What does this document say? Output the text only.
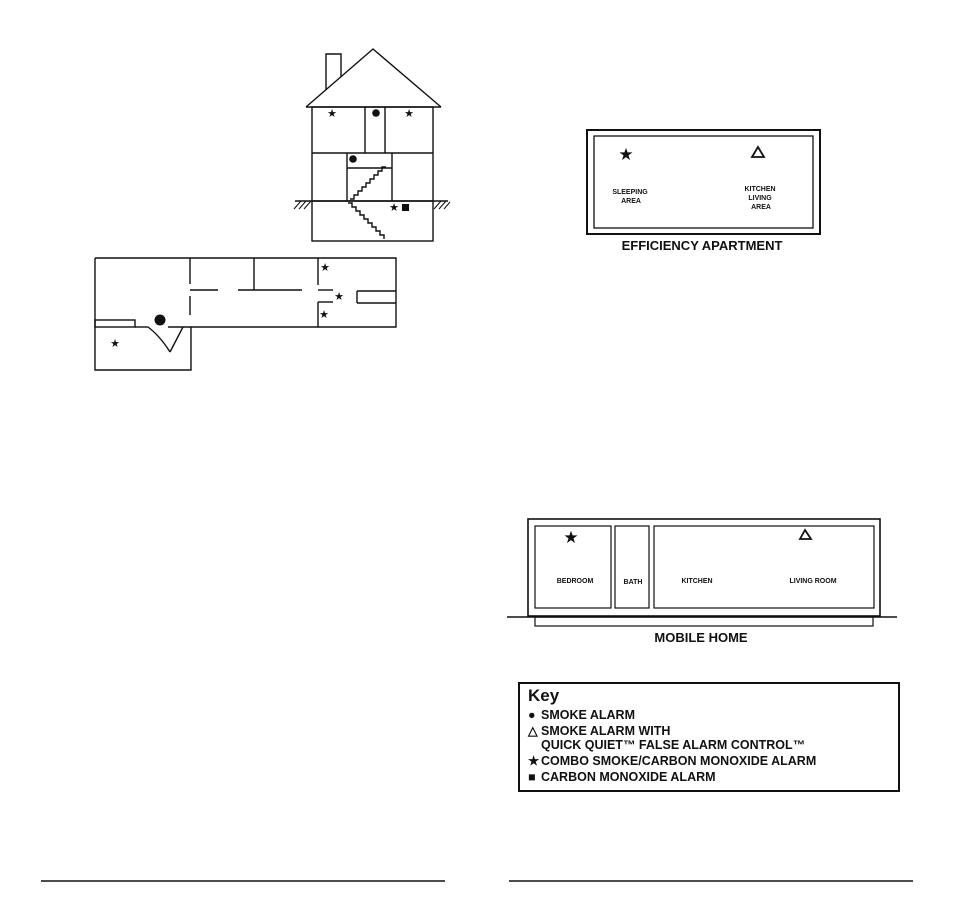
★	★
★
★
★
★
★
★
SLEEPING AREA
KITCHEN LIVING AREA
EFFICIENCY APARTMENT
★
BEDROOM	BATH	KITCHEN	LIVING ROOM
MOBILE HOME
Key
● SMOKE ALARM
△ SMOKE ALARM WITH
QUICK QUIET™ FALSE ALARM CONTROL™
★ COMBO SMOKE/CARBON MONOXIDE ALARM
■ CARBON MONOXIDE ALARM
